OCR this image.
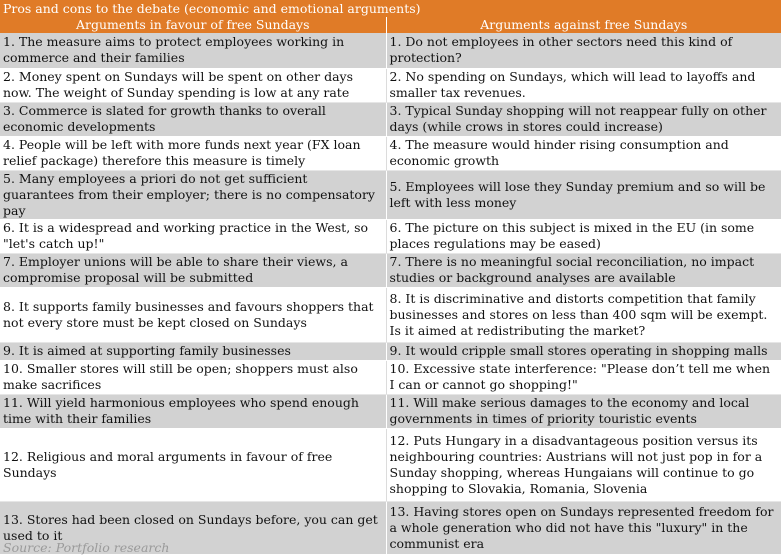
Pros and cons to the debate (economic and emotional arguments)
Arguments in favour of free Sundays	Arguments against free Sundays
1. The measure aims to protect employees working in commerce and their families	1. Do not employees in other sectors need this kind of protection?
2. Money spent on Sundays will be spent on other days now. The weight of Sunday spending is low at any rate	2. No spending on Sundays, which will lead to layoffs and smaller tax revenues.
3. Commerce is slated for growth thanks to overall economic developments	3. Typical Sunday shopping will not reappear fully on other days (while crows in stores could increase)
4. People will be left with more funds next year (FX loan relief package) therefore this measure is timely	4. The measure would hinder rising consumption and economic growth
5. Many employees a priori do not get sufficient guarantees from their employer; there is no compensatory pay	5. Employees will lose they Sunday premium and so will be left with less money
6. It is a widespread and working practice in the West, so "let's catch up!"	6. The picture on this subject is mixed in the EU (in some places regulations may be eased)
7. Employer unions will be able to share their views, a compromise proposal will be submitted	7. There is no meaningful social reconciliation, no impact studies or background analyses are available
8. It supports family businesses and favours shoppers that not every store must be kept closed on Sundays	8. It is discriminative and distorts competition that family businesses and stores on less than 400 sqm will be exempt. Is it aimed at redistributing the market?
9. It is aimed at supporting family businesses	9. It would cripple small stores operating in shopping malls
10. Smaller stores will still be open; shoppers must also make sacrifices	10. Excessive state interference: "Please don’t tell me when I can or cannot go shopping!"
11. Will yield harmonious employees who spend enough time with their families	11. Will make serious damages to the economy and local governments in times of priority touristic events
12. Religious and moral arguments in favour of free Sundays	12. Puts Hungary in a disadvantageous position versus its neighbouring countries: Austrians will not just pop in for a Sunday shopping, whereas Hungaians will continue to go shopping to Slovakia, Romania, Slovenia
13. Stores had been closed on Sundays before, you can get used to it	13. Having stores open on Sundays represented freedom for a whole generation who did not have this "luxury" in the communist era
Source: Portfolio research
